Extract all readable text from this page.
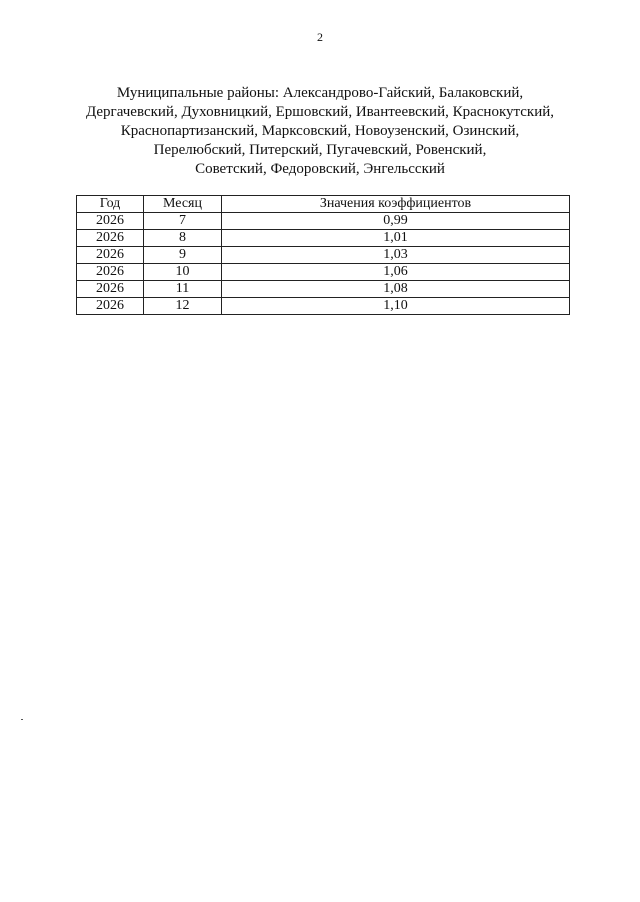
2
Муниципальные районы: Александрово-Гайский, Балаковский,
Дергачевский, Духовницкий, Ершовский, Ивантеевский, Краснокутский,
Краснопартизанский, Марксовский, Новоузенский, Озинский,
Перелюбский, Питерский, Пугачевский, Ровенский,
Советский, Федоровский, Энгельсский
Год	Месяц	Значения коэффициентов
2026	7	0,99
2026	8	1,01
2026	9	1,03
2026	10	1,06
2026	11	1,08
2026	12	1,10
